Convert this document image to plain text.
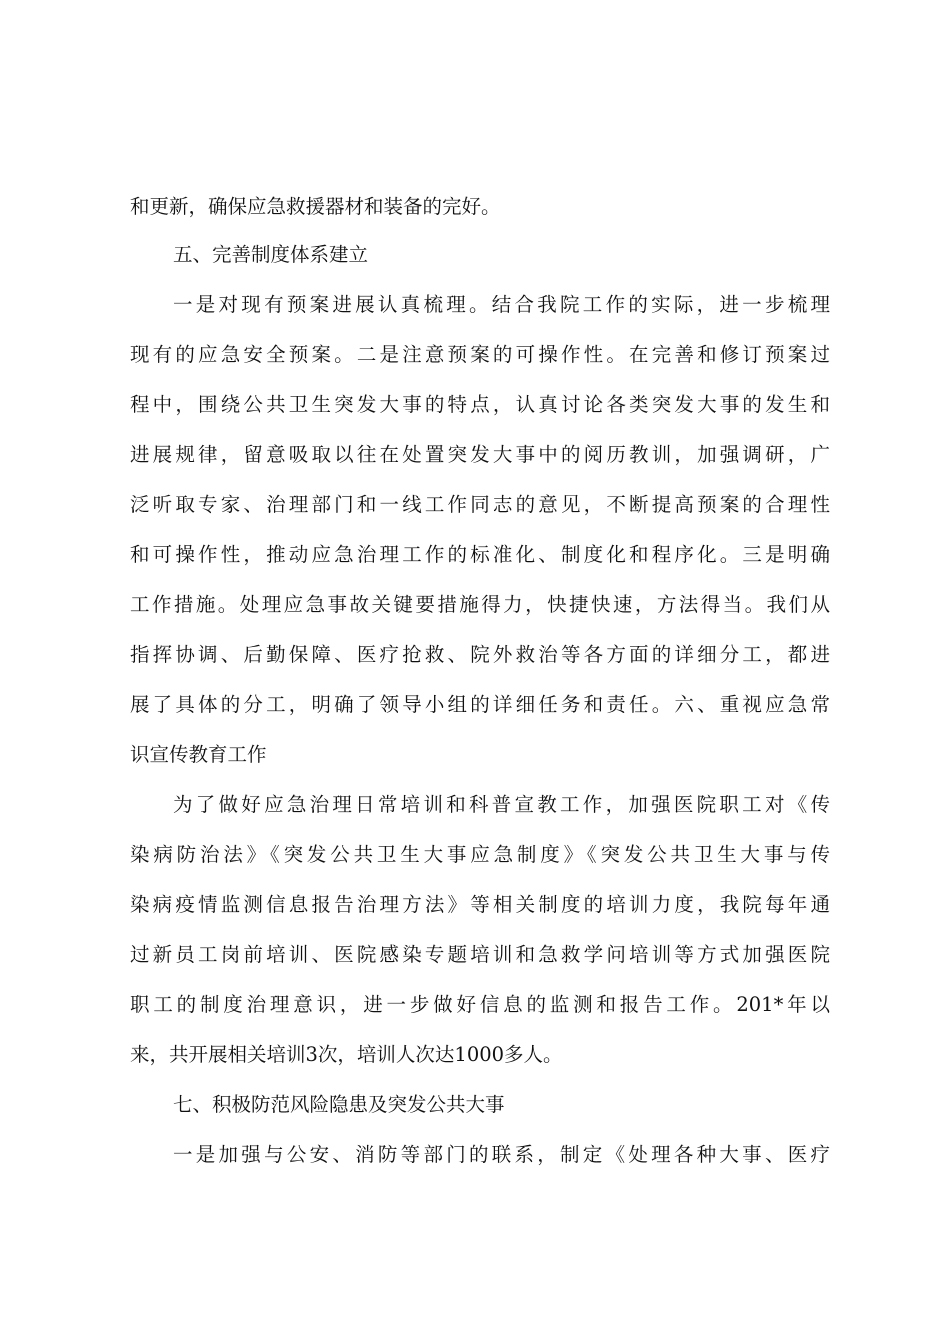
和更新，确保应急救援器材和装备的完好。
五、完善制度体系建立
一是对现有预案进展认真梳理。结合我院工作的实际，进一步梳理
现有的应急安全预案。二是注意预案的可操作性。在完善和修订预案过
程中，围绕公共卫生突发大事的特点，认真讨论各类突发大事的发生和
进展规律，留意吸取以往在处置突发大事中的阅历教训，加强调研，广
泛听取专家、治理部门和一线工作同志的意见，不断提高预案的合理性
和可操作性，推动应急治理工作的标准化、制度化和程序化。三是明确
工作措施。处理应急事故关键要措施得力，快捷快速，方法得当。我们从
指挥协调、后勤保障、医疗抢救、院外救治等各方面的详细分工，都进
展了具体的分工，明确了领导小组的详细任务和责任。六、重视应急常
识宣传教育工作
为了做好应急治理日常培训和科普宣教工作，加强医院职工对《传
染病防治法》《突发公共卫生大事应急制度》《突发公共卫生大事与传
染病疫情监测信息报告治理方法》等相关制度的培训力度，我院每年通
过新员工岗前培训、医院感染专题培训和急救学问培训等方式加强医院
职工的制度治理意识，进一步做好信息的监测和报告工作。201*年以
来，共开展相关培训3次，培训人次达1000多人。
七、积极防范风险隐患及突发公共大事
一是加强与公安、消防等部门的联系，制定《处理各种大事、医疗
